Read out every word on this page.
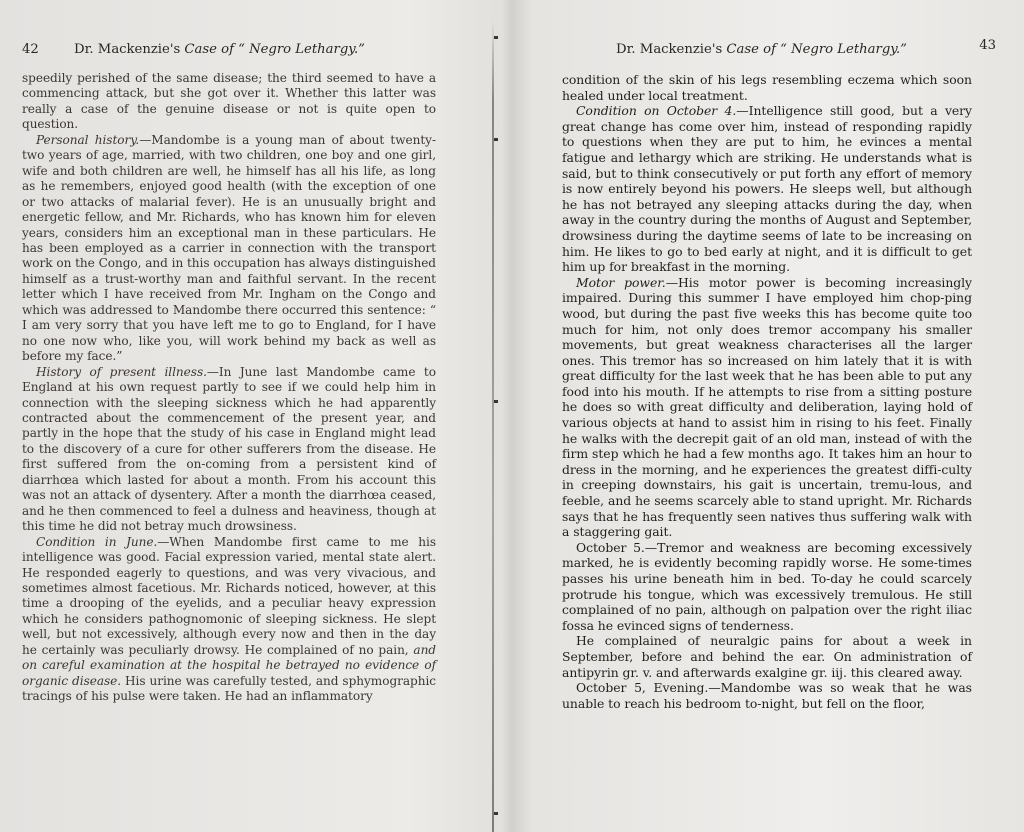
42	Dr. Mackenzie's Case of “ Negro Lethargy.”

speedily perished of the same disease; the third seemed to have a commencing attack, but she got over it. Whether this latter was really a case of the genuine disease or not is quite open to question.

Personal history.—Mandombe is a young man of about twenty-two years of age, married, with two children, one boy and one girl, wife and both children are well, he himself has all his life, as long as he remembers, enjoyed good health (with the exception of one or two attacks of malarial fever). He is an unusually bright and energetic fellow, and Mr. Richards, who has known him for eleven years, considers him an exceptional man in these particulars. He has been employed as a carrier in connection with the transport work on the Congo, and in this occupation has always distinguished himself as a trust-worthy man and faithful servant. In the recent letter which I have received from Mr. Ingham on the Congo and which was addressed to Mandombe there occurred this sentence: “ I am very sorry that you have left me to go to England, for I have no one now who, like you, will work behind my back as well as before my face.”

History of present illness.—In June last Mandombe came to England at his own request partly to see if we could help him in connection with the sleeping sickness which he had apparently contracted about the commencement of the present year, and partly in the hope that the study of his case in England might lead to the discovery of a cure for other sufferers from the disease. He first suffered from the on-coming from a persistent kind of diarrhœa which lasted for about a month. From his account this was not an attack of dysentery. After a month the diarrhœa ceased, and he then commenced to feel a dulness and heaviness, though at this time he did not betray much drowsiness.

Condition in June.—When Mandombe first came to me his intelligence was good. Facial expression varied, mental state alert. He responded eagerly to questions, and was very vivacious, and sometimes almost facetious. Mr. Richards noticed, however, at this time a drooping of the eyelids, and a peculiar heavy expression which he considers pathognomonic of sleeping sickness. He slept well, but not excessively, although every now and then in the day he certainly was peculiarly drowsy. He complained of no pain, and on careful examination at the hospital he betrayed no evidence of organic disease. His urine was carefully tested, and sphymographic tracings of his pulse were taken. He had an inflammatory

Dr. Mackenzie's Case of “ Negro Lethargy.”	43

condition of the skin of his legs resembling eczema which soon healed under local treatment.

Condition on October 4.—Intelligence still good, but a very great change has come over him, instead of responding rapidly to questions when they are put to him, he evinces a mental fatigue and lethargy which are striking. He understands what is said, but to think consecutively or put forth any effort of memory is now entirely beyond his powers. He sleeps well, but although he has not betrayed any sleeping attacks during the day, when away in the country during the months of August and September, drowsiness during the daytime seems of late to be increasing on him. He likes to go to bed early at night, and it is difficult to get him up for breakfast in the morning.

Motor power.—His motor power is becoming increasingly impaired. During this summer I have employed him chop-ping wood, but during the past five weeks this has become quite too much for him, not only does tremor accompany his smaller movements, but great weakness characterises all the larger ones. This tremor has so increased on him lately that it is with great difficulty for the last week that he has been able to put any food into his mouth. If he attempts to rise from a sitting posture he does so with great difficulty and deliberation, laying hold of various objects at hand to assist him in rising to his feet. Finally he walks with the decrepit gait of an old man, instead of with the firm step which he had a few months ago. It takes him an hour to dress in the morning, and he experiences the greatest diffi-culty in creeping downstairs, his gait is uncertain, tremu-lous, and feeble, and he seems scarcely able to stand upright. Mr. Richards says that he has frequently seen natives thus suffering walk with a staggering gait.

October 5.—Tremor and weakness are becoming excessively marked, he is evidently becoming rapidly worse. He some-times passes his urine beneath him in bed. To-day he could scarcely protrude his tongue, which was excessively tremulous. He still complained of no pain, although on palpation over the right iliac fossa he evinced signs of tenderness.

He complained of neuralgic pains for about a week in September, before and behind the ear. On administration of antipyrin gr. v. and afterwards exalgine gr. iij. this cleared away.

October 5, Evening.—Mandombe was so weak that he was unable to reach his bedroom to-night, but fell on the floor,
